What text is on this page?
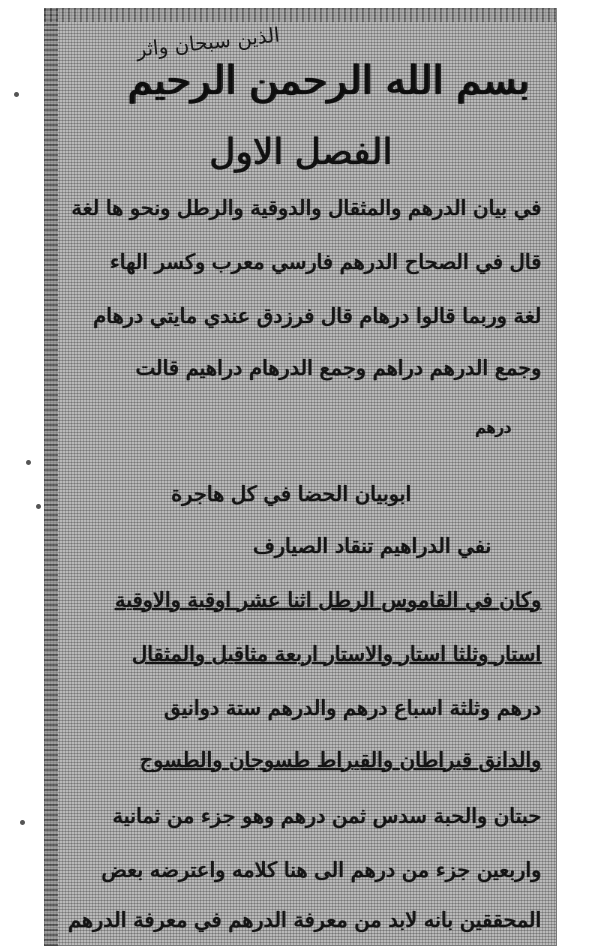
الذين سبحان واثر
بسم الله الرحمن الرحيم
الفصل الاول
في بيان الدرهم والمثقال والدوقية والرطل ونحو ها لغة
قال في الصحاح الدرهم فارسي معرب وكسر الهاء
لغة وربما قالوا درهام قال فرزدق عندي مايتي درهام
وجمع الدرهم دراهم وجمع الدرهام دراهيم قالت
درهم
ابوبيان الحضا في كل هاجرة
نفي الدراهيم تنقاد الصيارف
وكان في القاموس الرطل اثنا عشر اوقية والاوقية
استار وثلثا استار والاستار اربعة مثاقيل والمثقال
درهم وثلثة اسباع درهم والدرهم ستة دوانيق
والدانق قيراطان والقيراط طسوجان والطسوج
حبتان والحبة سدس ثمن درهم وهو جزء من ثمانية
واربعين جزء من درهم الى هنا كلامه واعترضه بعض
المحققين بانه لابد من معرفة الدرهم في معرفة الدرهم
